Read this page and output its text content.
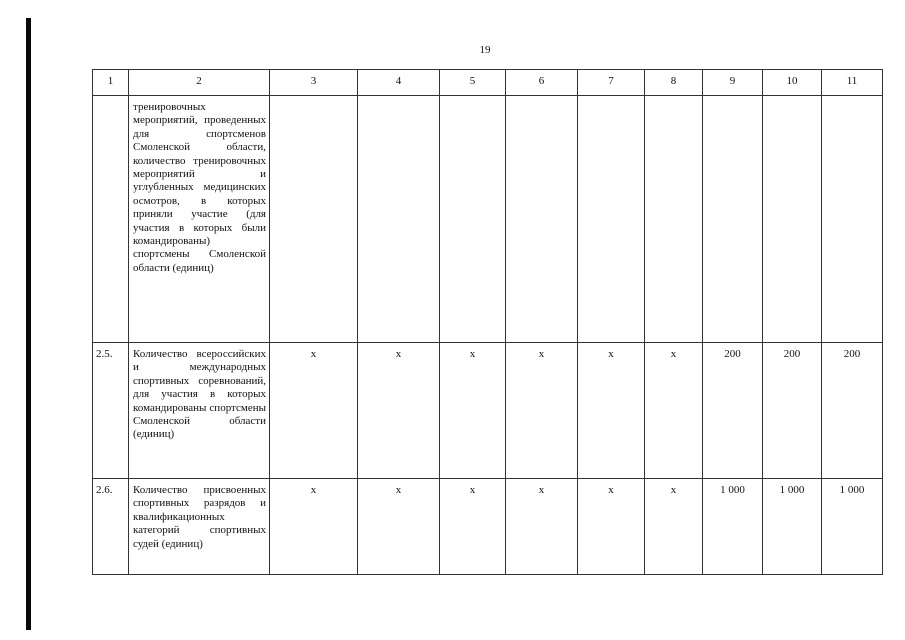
19
1	2	3	4	5	6	7	8	9	10	11
	тренировочных мероприятий, проведенных для спортсменов Смоленской области, количество тренировочных мероприятий и углубленных медицинских осмотров, в которых приняли участие (для участия в которых были командированы) спортсмены Смоленской области (единиц)									
2.5.	Количество всероссийских и международных спортивных соревнований, для участия в которых командированы спортсмены Смоленской области (единиц)	x	x	x	x	x	x	200	200	200
2.6.	Количество присвоенных спортивных разрядов и квалификационных категорий спортивных судей (единиц)	x	x	x	x	x	x	1 000	1 000	1 000
